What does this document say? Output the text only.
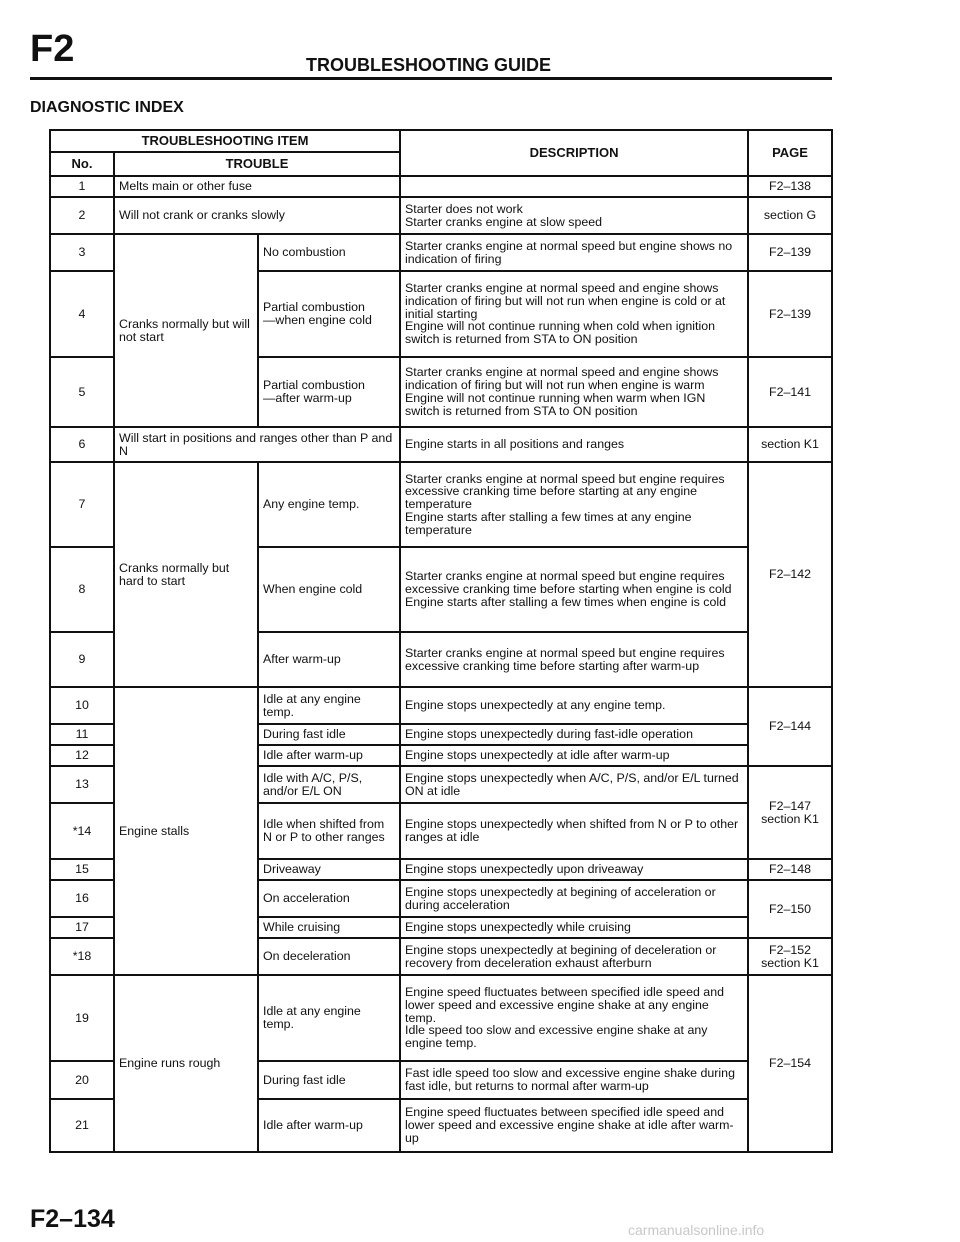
F2	TROUBLESHOOTING GUIDE
DIAGNOSTIC INDEX
TROUBLESHOOTING ITEM			DESCRIPTION	PAGE
No.	TROUBLE			
1	Melts main or other fuse			F2–138
2	Will not crank or cranks slowly		Starter does not work
Starter cranks engine at slow speed	section G
3	Cranks normally but will not start	No combustion	Starter cranks engine at normal speed but engine shows no indication of firing	F2–139
4		Partial combustion
—when engine cold	Starter cranks engine at normal speed and engine shows indication of firing but will not run when engine is cold or at initial starting
Engine will not continue running when cold when ignition switch is returned from STA to ON position	F2–139
5		Partial combustion
—after warm-up	Starter cranks engine at normal speed and engine shows indication of firing but will not run when engine is warm
Engine will not continue running when warm when IGN switch is returned from STA to ON position	F2–141
6	Will start in positions and ranges other than P and N		Engine starts in all positions and ranges	section K1
7	Cranks normally but hard to start	Any engine temp.	Starter cranks engine at normal speed but engine requires excessive cranking time before starting at any engine temperature
Engine starts after stalling a few times at any engine temperature	F2–142
8		When engine cold	Starter cranks engine at normal speed but engine requires excessive cranking time before starting when engine is cold
Engine starts after stalling a few times when engine is cold	
9		After warm-up	Starter cranks engine at normal speed but engine requires excessive cranking time before starting after warm-up	
10	Engine stalls	Idle at any engine temp.	Engine stops unexpectedly at any engine temp.	F2–144
11		During fast idle	Engine stops unexpectedly during fast-idle operation	
12		Idle after warm-up	Engine stops unexpectedly at idle after warm-up	
13		Idle with A/C, P/S, and/or E/L ON	Engine stops unexpectedly when A/C, P/S, and/or E/L turned ON at idle	F2–147
section K1
*14		Idle when shifted from N or P to other ranges	Engine stops unexpectedly when shifted from N or P to other ranges at idle	
15		Driveaway	Engine stops unexpectedly upon driveaway	F2–148
16		On acceleration	Engine stops unexpectedly at begining of acceleration or during acceleration	F2–150
17		While cruising	Engine stops unexpectedly while cruising	
*18		On deceleration	Engine stops unexpectedly at begining of deceleration or recovery from deceleration exhaust afterburn	F2–152
section K1
19	Engine runs rough	Idle at any engine temp.	Engine speed fluctuates between specified idle speed and lower speed and excessive engine shake at any engine temp.
Idle speed too slow and excessive engine shake at any engine temp.	F2–154
20		During fast idle	Fast idle speed too slow and excessive engine shake during fast idle, but returns to normal after warm-up	
21		Idle after warm-up	Engine speed fluctuates between specified idle speed and lower speed and excessive engine shake at idle after warm-up	
F2–134	carmanualsonline.info
